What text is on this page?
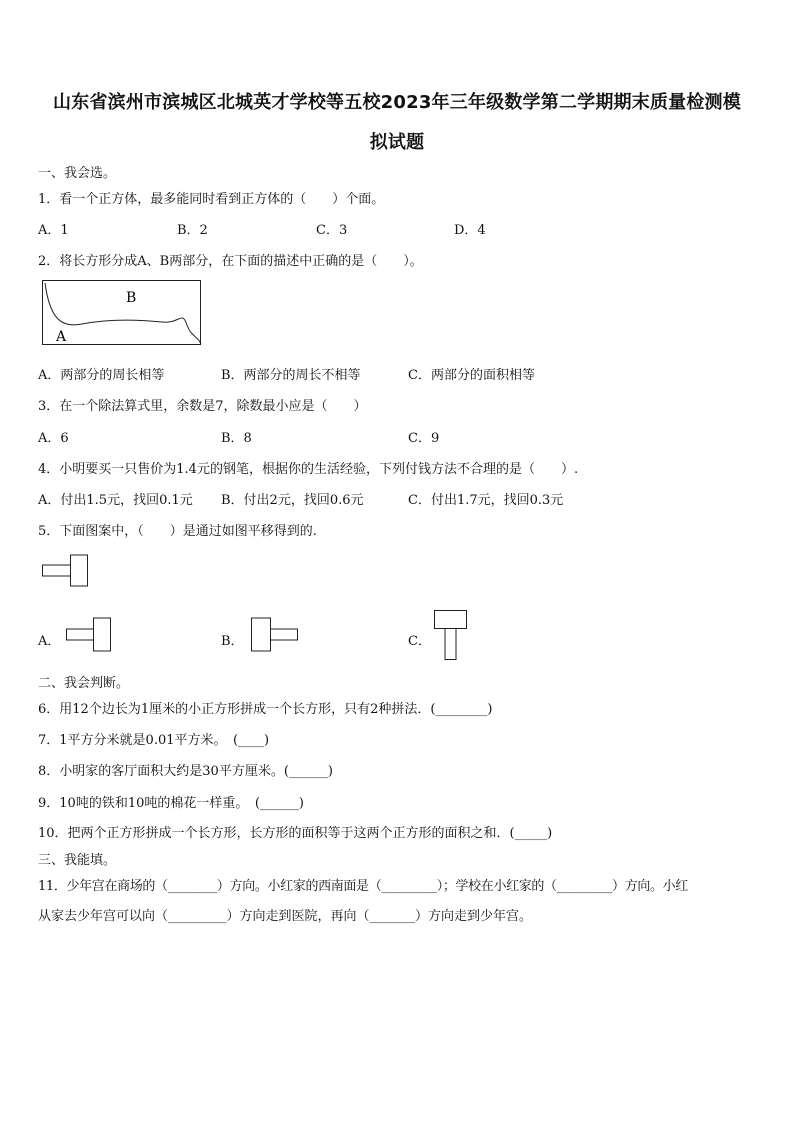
山东省滨州市滨城区北城英才学校等五校2023年三年级数学第二学期期末质量检测模
拟试题
一、我会选。
1．看一个正方体，最多能同时看到正方体的（　　）个面。
A．1	B．2	C．3	D．4
2．将长方形分成A、B两部分，在下面的描述中正确的是（　　）。
B
A
A．两部分的周长相等	B．两部分的周长不相等	C．两部分的面积相等
3．在一个除法算式里，余数是7，除数最小应是（　　）
A．6	B．8	C．9
4．小明要买一只售价为1.4元的钢笔，根据你的生活经验，下列付钱方法不合理的是（　　）.
A．付出1.5元，找回0.1元 B．付出2元，找回0.6元	C．付出1.7元，找回0.3元
5．下面图案中，（　　）是通过如图平移得到的.
A．	B．	C．
二、我会判断。
6．用12个边长为1厘米的小正方形拼成一个长方形，只有2种拼法．(________)
7．1平方分米就是0.01平方米。　(____)
8．小明家的客厅面积大约是30平方厘米。(______)
9．10吨的铁和10吨的棉花一样重。　(______)
10．把两个正方形拼成一个长方形，长方形的面积等于这两个正方形的面积之和．(_____)
三、我能填。
11．少年宫在商场的（________）方向。小红家的西南面是（_________）；学校在小红家的（_________）方向。小红
从家去少年宫可以向（_________）方向走到医院，再向（_______）方向走到少年宫。
